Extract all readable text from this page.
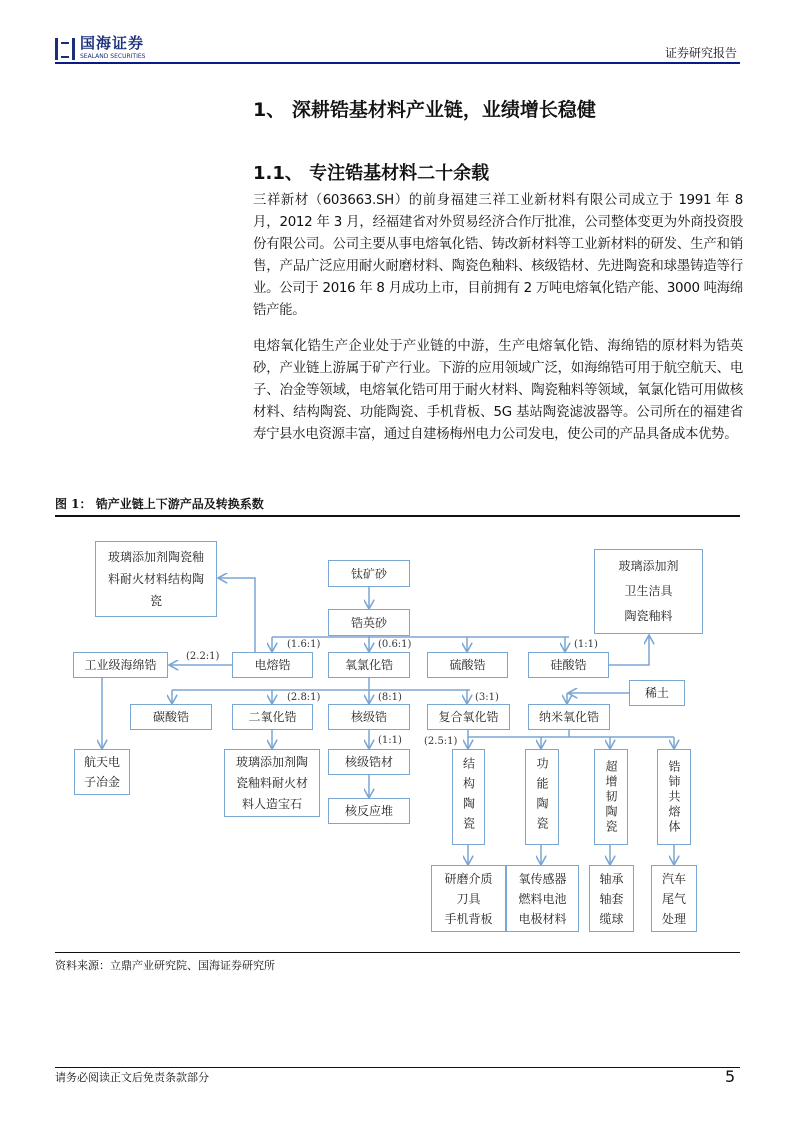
国海证券
SEALAND SECURITIES	证券研究报告
1、 深耕锆基材料产业链，业绩增长稳健
1.1、 专注锆基材料二十余载

三祥新材（603663.SH）的前身福建三祥工业新材料有限公司成立于 1991 年 8 月，2012 年 3 月，经福建省对外贸易经济合作厅批准，公司整体变更为外商投资股份有限公司。公司主要从事电熔氧化锆、铸改新材料等工业新材料的研发、生产和销售，产品广泛应用耐火耐磨材料、陶瓷色釉料、核级锆材、先进陶瓷和球墨铸造等行业。公司于 2016 年 8 月成功上市，目前拥有 2 万吨电熔氧化锆产能、3000 吨海绵锆产能。

电熔氧化锆生产企业处于产业链的中游，生产电熔氧化锆、海绵锆的原材料为锆英砂，产业链上游属于矿产行业。下游的应用领域广泛，如海绵锆可用于航空航天、电子、冶金等领域，电熔氧化锆可用于耐火材料、陶瓷釉料等领域，氧氯化锆可用做核材料、结构陶瓷、功能陶瓷、手机背板、5G 基站陶瓷滤波器等。公司所在的福建省寿宁县水电资源丰富，通过自建杨梅州电力公司发电，使公司的产品具备成本优势。

图 1： 锆产业链上下游产品及转换系数
玻璃添加剂陶瓷釉料耐火材料结构陶瓷
钛矿砂
锆英砂
玻璃添加剂
卫生洁具
陶瓷釉料
工业级海绵锆	电熔锆	氧氯化锆	硫酸锆	硅酸锆
稀土
碳酸锆	二氧化锆	核级锆	复合氧化锆	纳米氧化锆
航天电子冶金
玻璃添加剂陶瓷釉料耐火材料人造宝石
核级锆材
核反应堆	结构陶瓷	功能陶瓷	超增韧陶瓷	锆铈共熔体
研磨介质
刀具
手机背板
氧传感器
燃料电池
电极材料
轴承
轴套
缆球
汽车
尾气
处理
(1.6:1)	(0.6:1)	(1:1)
(2.2:1)
(2.8:1)	(8:1)	(3:1)
(1:1) (2.5:1)
资料来源：立鼎产业研究院、国海证券研究所
请务必阅读正文后免责条款部分	5
